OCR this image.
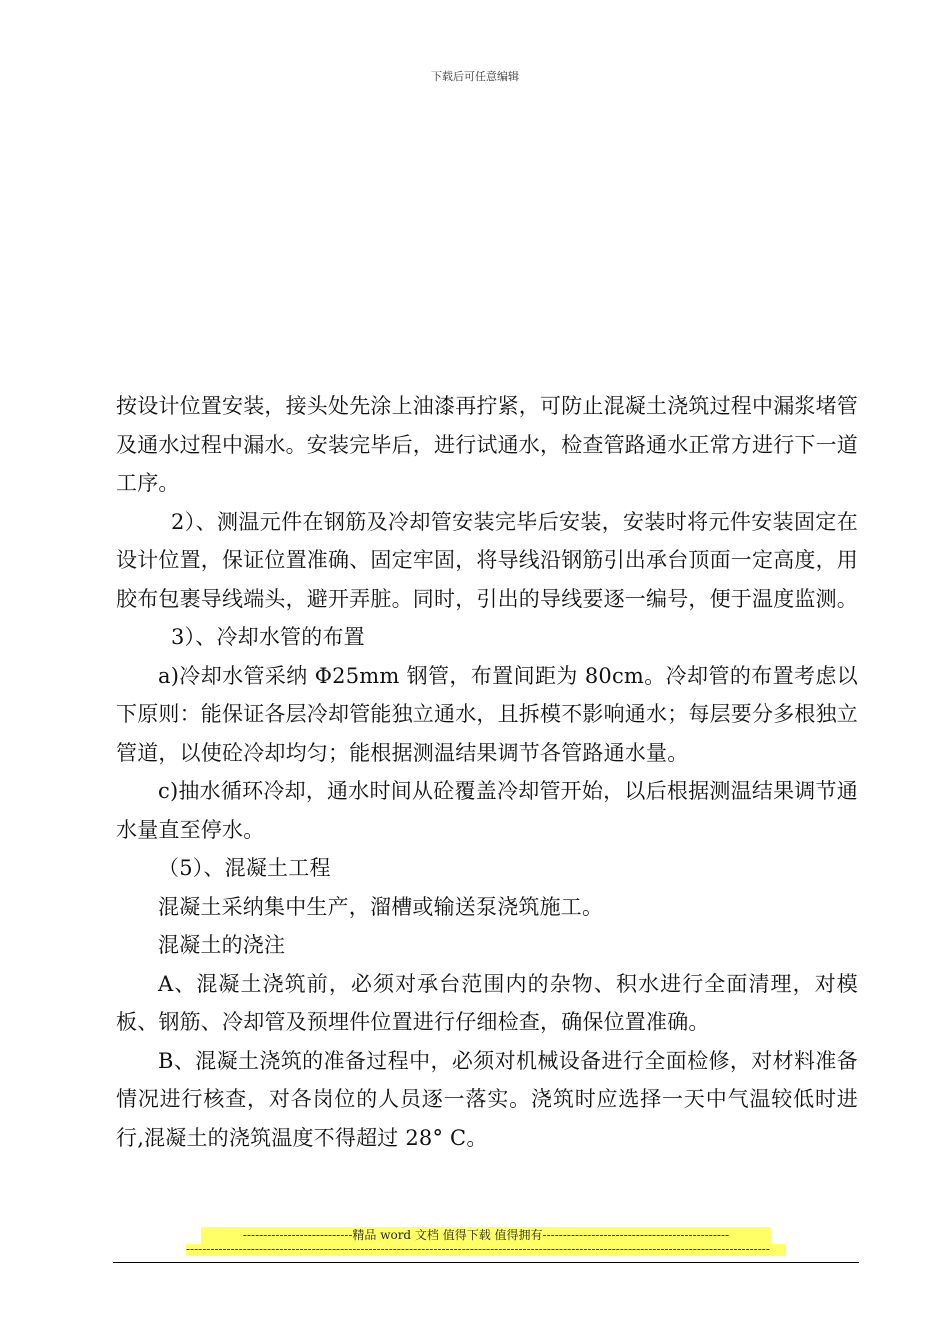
下载后可任意编辑

按设计位置安装，接头处先涂上油漆再拧紧，可防止混凝土浇筑过程中漏浆堵管及通水过程中漏水。安装完毕后，进行试通水，检查管路通水正常方进行下一道工序。

2）、测温元件在钢筋及冷却管安装完毕后安装，安装时将元件安装固定在设计位置，保证位置准确、固定牢固，将导线沿钢筋引出承台顶面一定高度，用胶布包裹导线端头，避开弄脏。同时，引出的导线要逐一编号，便于温度监测。

3）、冷却水管的布置

a)冷却水管采纳 Φ25mm 钢管，布置间距为 80cm。冷却管的布置考虑以下原则：能保证各层冷却管能独立通水，且拆模不影响通水；每层要分多根独立管道，以使砼冷却均匀；能根据测温结果调节各管路通水量。

c)抽水循环冷却，通水时间从砼覆盖冷却管开始，以后根据测温结果调节通水量直至停水。

（5）、混凝土工程

混凝土采纳集中生产，溜槽或输送泵浇筑施工。

混凝土的浇注

A、混凝土浇筑前，必须对承台范围内的杂物、积水进行全面清理，对模板、钢筋、冷却管及预埋件位置进行仔细检查，确保位置准确。

B、混凝土浇筑的准备过程中，必须对机械设备进行全面检修，对材料准备情况进行核查，对各岗位的人员逐一落实。浇筑时应选择一天中气温较低时进行,混凝土的浇筑温度不得超过 28° C。

---------------------------精品 word 文档 值得下载 值得拥有----------------------------------------------
------------------------------------------------------------------------------------------------------------------------------------------------
